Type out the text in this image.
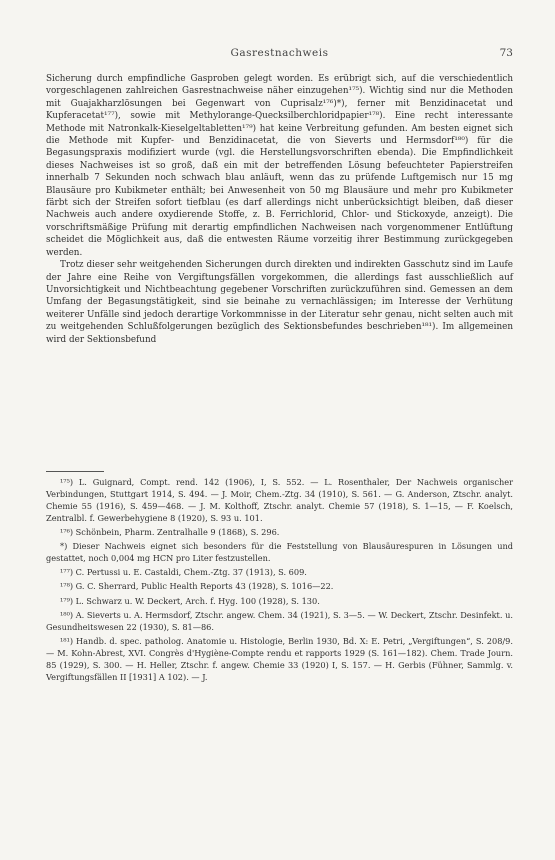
Gasrestnachweis	73

Sicherung durch empfindliche Gasproben gelegt worden. Es erübrigt sich, auf die verschiedentlich vorgeschlagenen zahlreichen Gasrestnachweise näher einzugehen¹⁷⁵). Wichtig sind nur die Methoden mit Guajakharzlösungen bei Gegenwart von Cuprisalz¹⁷⁶)*), ferner mit Benzidinacetat und Kupferacetat¹⁷⁷), sowie mit Methylorange-Quecksilberchloridpapier¹⁷⁸). Eine recht interessante Methode mit Natronkalk-Kieselgeltabletten¹⁷⁹) hat keine Verbreitung gefunden. Am besten eignet sich die Methode mit Kupfer- und Benzidinacetat, die von Sieverts und Hermsdorf¹⁸⁰) für die Begasungspraxis modifiziert wurde (vgl. die Herstellungsvorschriften ebenda). Die Empfindlichkeit dieses Nachweises ist so groß, daß ein mit der betreffenden Lösung befeuchteter Papierstreifen innerhalb 7 Sekunden noch schwach blau anläuft, wenn das zu prüfende Luftgemisch nur 15 mg Blausäure pro Kubikmeter enthält; bei Anwesenheit von 50 mg Blausäure und mehr pro Kubikmeter färbt sich der Streifen sofort tiefblau (es darf allerdings nicht unberücksichtigt bleiben, daß dieser Nachweis auch andere oxydierende Stoffe, z. B. Ferrichlorid, Chlor- und Stickoxyde, anzeigt). Die vorschriftsmäßige Prüfung mit derartig empfindlichen Nachweisen nach vorgenommener Entlüftung scheidet die Möglichkeit aus, daß die entwesten Räume vorzeitig ihrer Bestimmung zurückgegeben werden.

Trotz dieser sehr weitgehenden Sicherungen durch direkten und indirekten Gasschutz sind im Laufe der Jahre eine Reihe von Vergiftungsfällen vorgekommen, die allerdings fast ausschließlich auf Unvorsichtigkeit und Nichtbeachtung gegebener Vorschriften zurückzuführen sind. Gemessen an dem Umfang der Begasungstätigkeit, sind sie beinahe zu vernachlässigen; im Interesse der Verhütung weiterer Unfälle sind jedoch derartige Vorkommnisse in der Literatur sehr genau, nicht selten auch mit zu weitgehenden Schlußfolgerungen bezüglich des Sektionsbefundes beschrieben¹⁸¹). Im allgemeinen wird der Sektionsbefund

¹⁷⁵) L. Guignard, Compt. rend. 142 (1906), I, S. 552. — L. Rosenthaler, Der Nachweis organischer Verbindungen, Stuttgart 1914, S. 494. — J. Moir, Chem.-Ztg. 34 (1910), S. 561. — G. Anderson, Ztschr. analyt. Chemie 55 (1916), S. 459—468. — J. M. Kolthoff, Ztschr. analyt. Chemie 57 (1918), S. 1—15, — F. Koelsch, Zentralbl. f. Gewerbehygiene 8 (1920), S. 93 u. 101.

¹⁷⁶) Schönbein, Pharm. Zentralhalle 9 (1868), S. 296.

*) Dieser Nachweis eignet sich besonders für die Feststellung von Blausäurespuren in Lösungen und gestattet, noch 0,004 mg HCN pro Liter festzustellen.

¹⁷⁷) C. Pertussi u. E. Castaldi, Chem.-Ztg. 37 (1913), S. 609.

¹⁷⁸) G. C. Sherrard, Public Health Reports 43 (1928), S. 1016—22.

¹⁷⁹) L. Schwarz u. W. Deckert, Arch. f. Hyg. 100 (1928), S. 130.

¹⁸⁰) A. Sieverts u. A. Hermsdorf, Ztschr. angew. Chem. 34 (1921), S. 3—5. — W. Deckert, Ztschr. Desinfekt. u. Gesundheitswesen 22 (1930), S. 81—86.

¹⁸¹) Handb. d. spec. patholog. Anatomie u. Histologie, Berlin 1930, Bd. X: E. Petri, „Vergiftungen“, S. 208/9. — M. Kohn-Abrest, XVI. Congrès d'Hygiène-Compte rendu et rapports 1929 (S. 161—182). Chem. Trade Journ. 85 (1929), S. 300. — H. Heller, Ztschr. f. angew. Chemie 33 (1920) I, S. 157. — H. Gerbis (Fühner, Sammlg. v. Vergiftungsfällen II [1931] A 102). — J.
